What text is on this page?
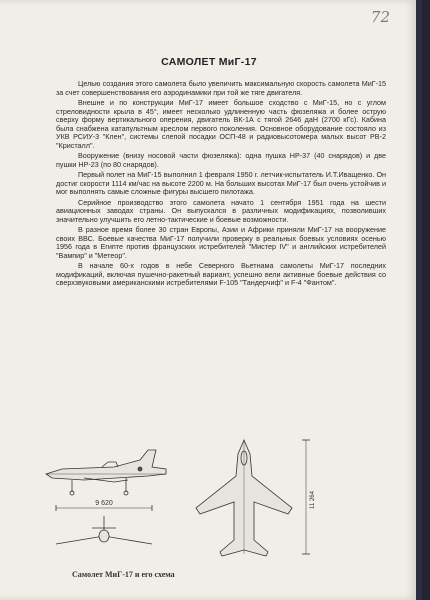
72
САМОЛЕТ МиГ-17

Целью создания этого самолета было увеличить максимальную скорость самолета МиГ-15 за счет совершенствования его аэродинамики при той же тяге двигателя.

Внешне и по конструкции МиГ-17 имеет большое сходство с МиГ-15, но с углом стреловидности крыла в 45°, имеет несколько удлиненную часть фюзеляжа и более острую сверху форму вертикального оперения, двигатель ВК-1А с тягой 2646 даН (2700 кГс). Кабина была снабжена катапультным креслом первого поколения. Основное оборудование состояло из УКВ РСИУ-3 "Клен", системы слепой посадки ОСП-48 и радиовысотомера малых высот РВ-2 "Кристалл".

Вооружение (внизу носовой части фюзеляжа): одна пушка НР-37 (40 снарядов) и две пушки НР-23 (по 80 снарядов).

Первый полет на МиГ-15 выполнил 1 февраля 1950 г. летчик-испытатель И.Т.Иващенко. Он достиг скорости 1114 км/час на высоте 2200 м. На больших высотах МиГ-17 был очень устойчив и мог выполнять самые сложные фигуры высшего пилотажа.

Серийное производство этого самолета начато 1 сентября 1951 года на шести авиационных заводах страны. Он выпускался в различных модификациях, позволивших значительно улучшить его летно-тактические и боевые возможности.

В разное время более 30 стран Европы, Азии и Африки приняли МиГ-17 на вооружение своих ВВС. Боевые качества МиГ-17 получили проверку в реальных боевых условиях осенью 1956 года в Египте против французских истребителей "Мистер IV" и английских истребителей "Вампир" и "Метеор".

В начале 60-х годов в небе Северного Вьетнама самолеты МиГ-17 последних модификаций, включая пушечно-ракетный вариант, успешно вели активные боевые действия со сверхзвуковыми американскими истребителями F-105 "Тандерчиф" и F-4 "Фантом".

9 620	11 264
Самолет МиГ-17 и его схема
